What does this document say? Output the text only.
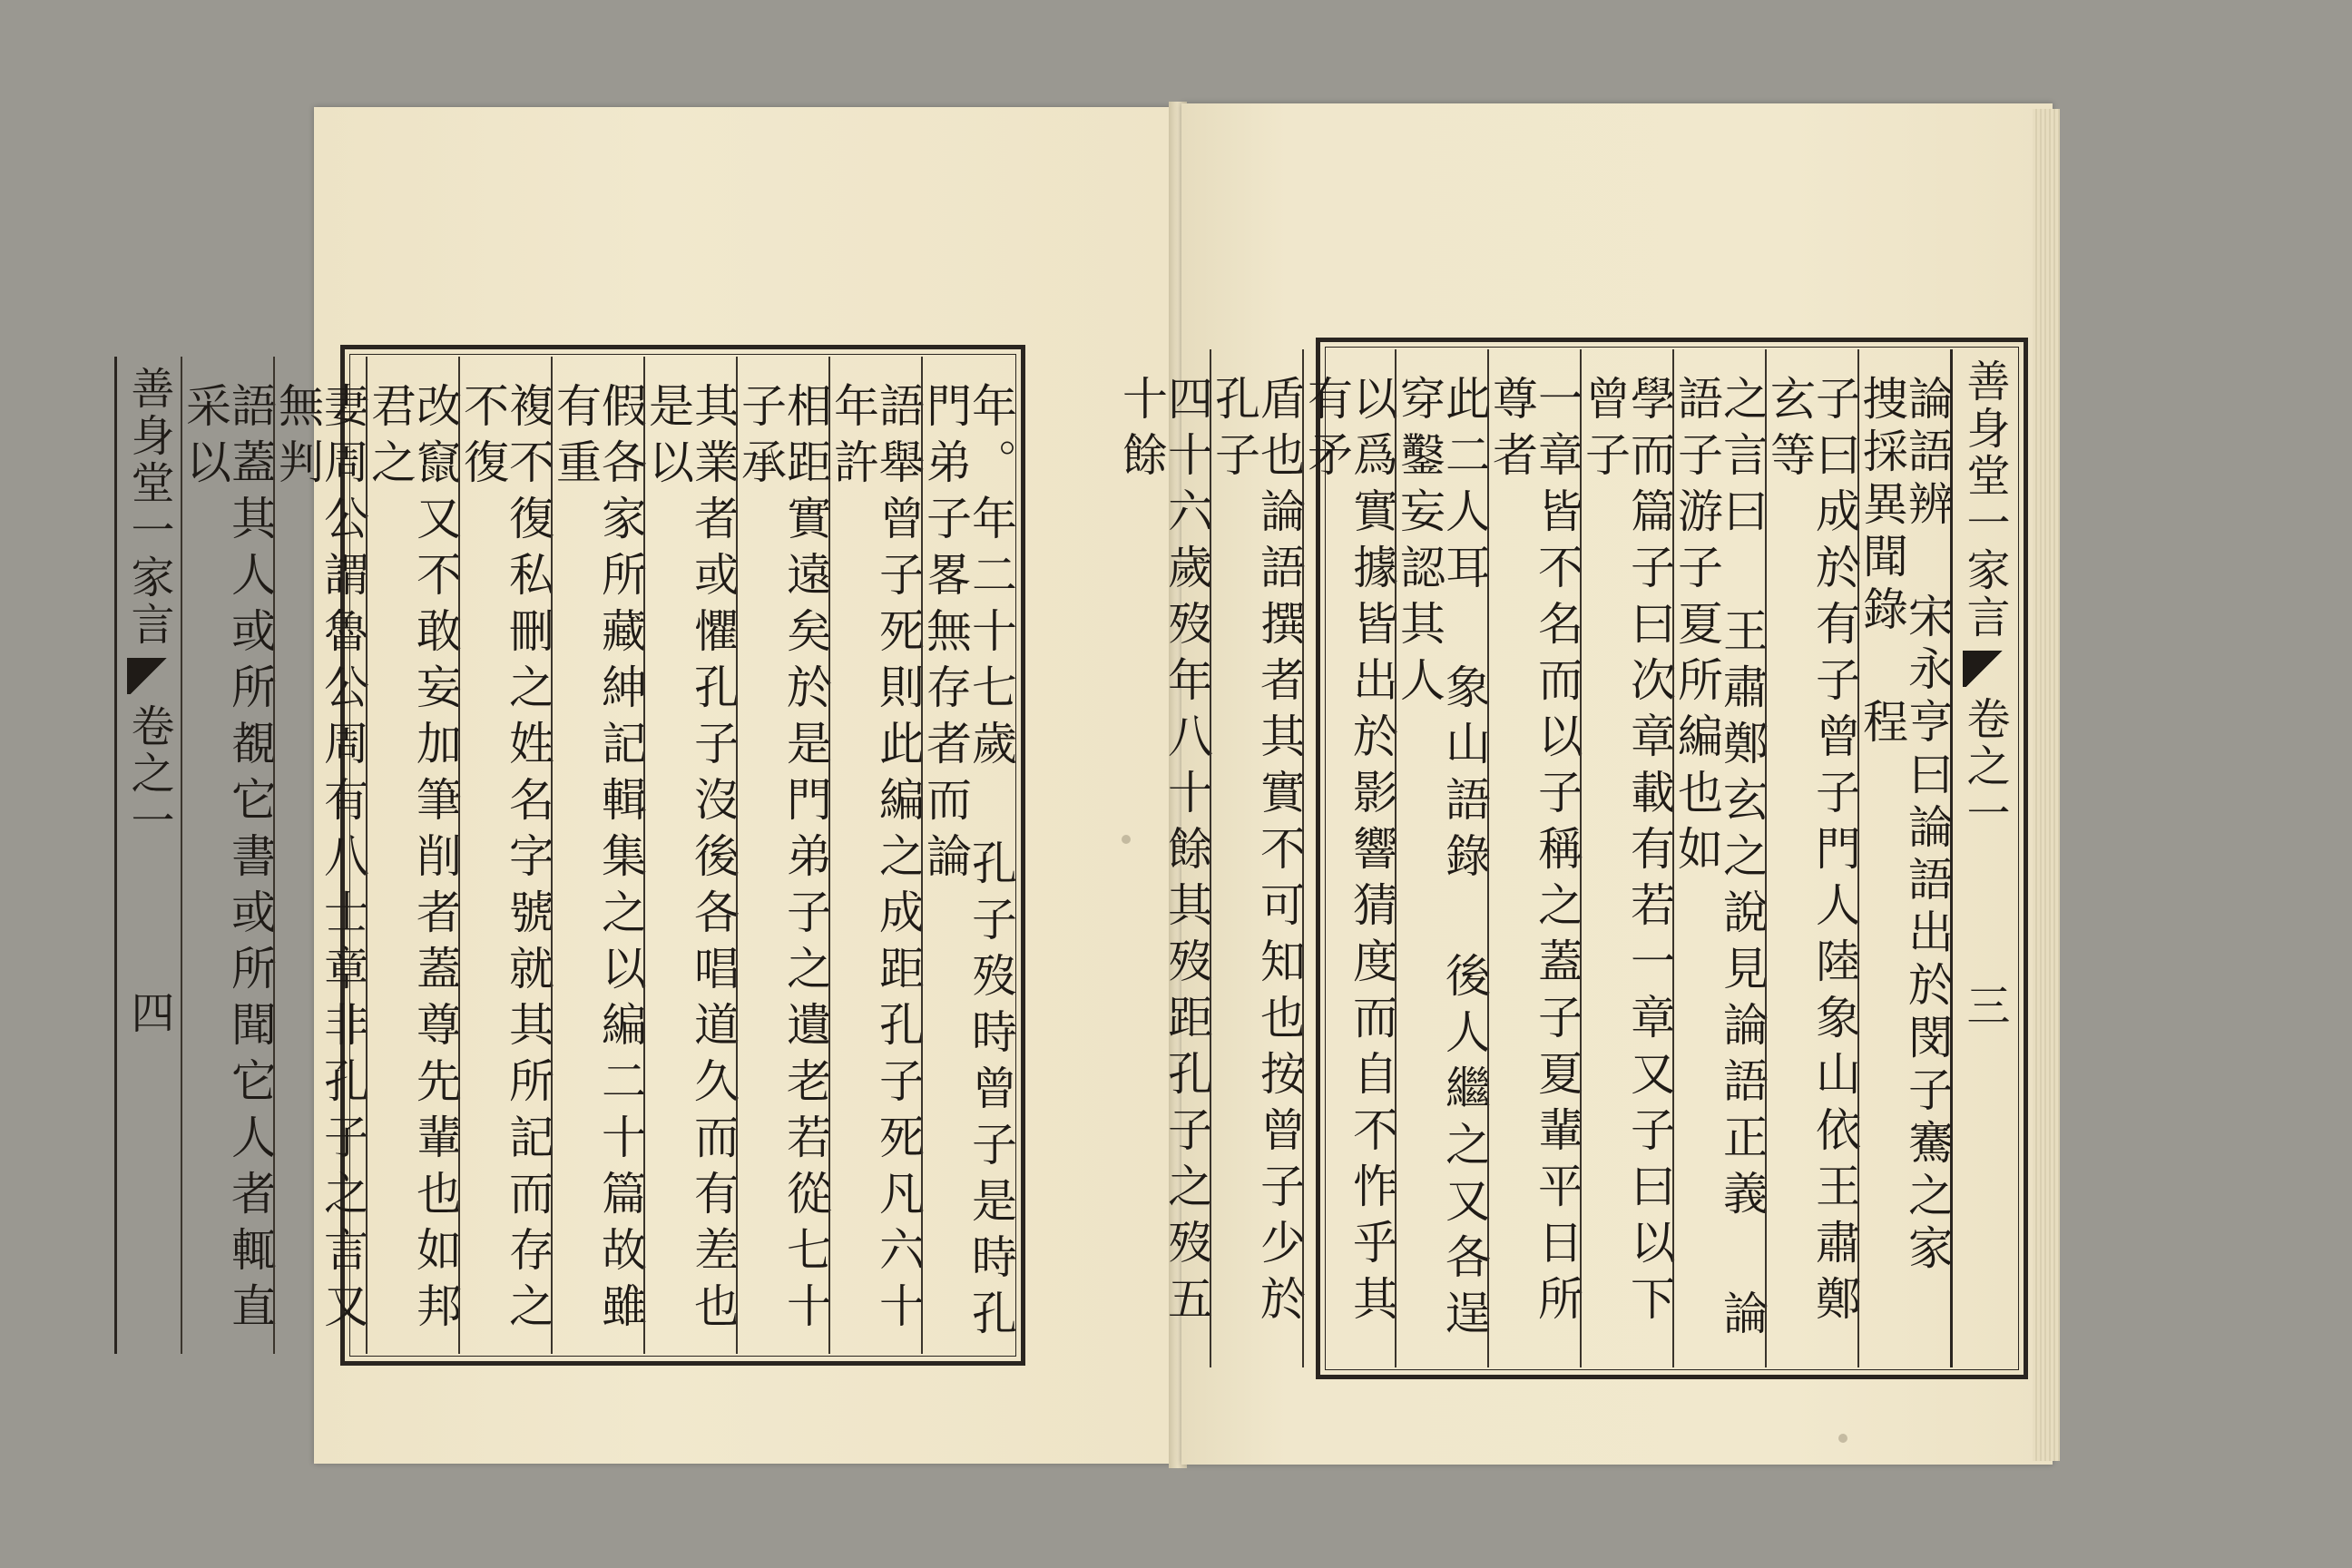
年。年二十七歲 孔子歿時曾子是時孔門弟子畧無存者而論
語舉曾子死則此編之成距孔子死凡六十年許
相距實遠矣於是門弟子之遺老若從七十子承
其業者或懼孔子沒後各唱道久而有差也是以
假各家所藏紳記輯集之以編二十篇故雖有重
複不復私刪之姓名字號就其所記而存之不復
改竄又不敢妄加筆削者蓋尊先輩也如邦君之
妻周公謂魯公周有八士章非孔子之言又無判
語蓋其人或所覩它書或所聞它人者輒直采以
善身堂一家言
卷之一
四
善身堂一家言
卷之一
三
論語辨 宋永亨曰論語出於閔子騫之家 捜採異聞錄 程
子曰成於有子曾子門人陸象山依王肅鄭玄等
之言曰 王肅鄭玄之說見論語正義 論語子游子夏所編也如
學而篇子曰次章載有若一章又子曰以下曾子
一章皆不名而以子稱之蓋子夏輩平日所尊者
此二人耳 象山語錄 後人繼之又各逞穿鑿妄認其人
以爲實據皆出於影響猜度而自不怍乎其有矛
盾也論語撰者其實不可知也按曾子少於孔子
四十六歲歿年八十餘其歿距孔子之歿五十餘
